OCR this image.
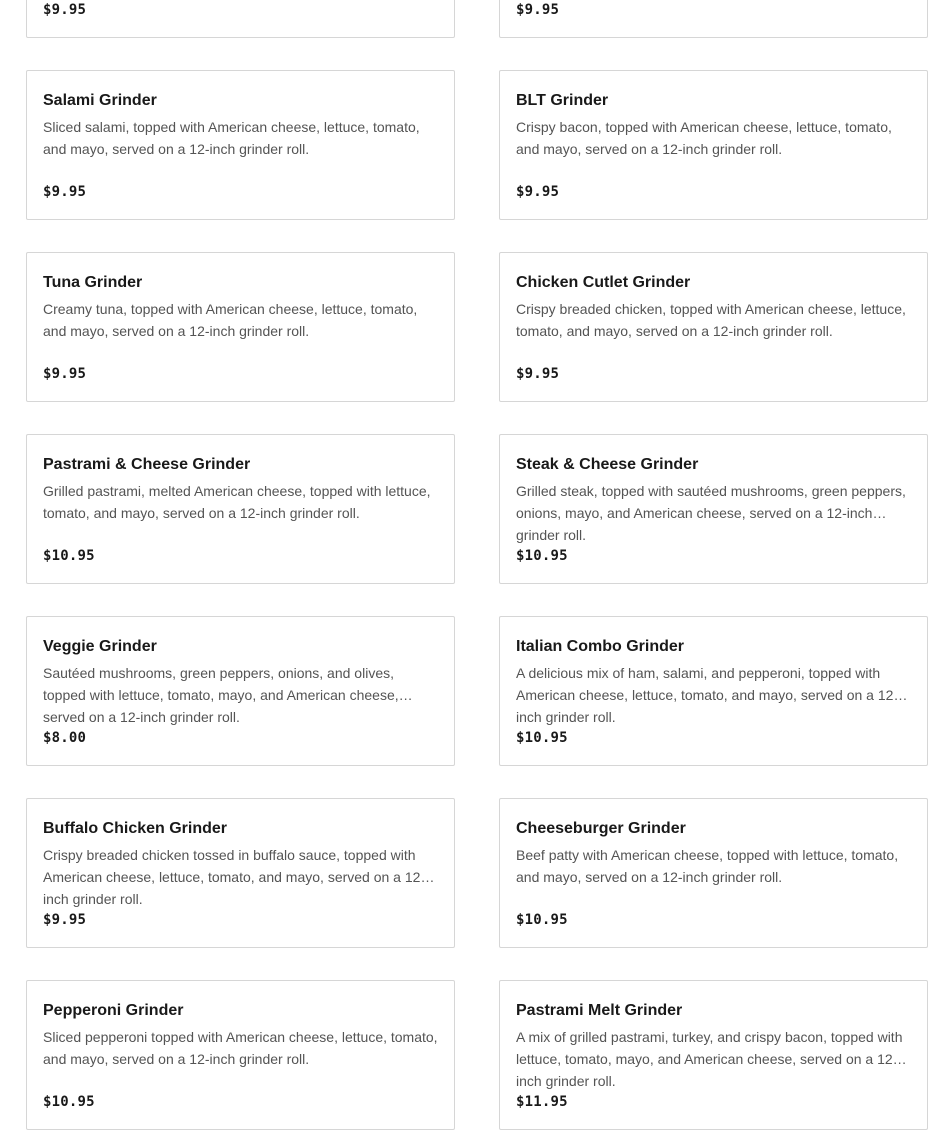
$9.95	$9.95
Salami Grinder
Sliced salami, topped with American cheese, lettuce, tomato, and mayo, served on a 12-inch grinder roll.
$9.95
BLT Grinder
Crispy bacon, topped with American cheese, lettuce, tomato, and mayo, served on a 12-inch grinder roll.
$9.95
Tuna Grinder
Creamy tuna, topped with American cheese, lettuce, tomato, and mayo, served on a 12-inch grinder roll.
$9.95
Chicken Cutlet Grinder
Crispy breaded chicken, topped with American cheese, lettuce, tomato, and mayo, served on a 12-inch grinder roll.
$9.95
Pastrami & Cheese Grinder
Grilled pastrami, melted American cheese, topped with lettuce, tomato, and mayo, served on a 12-inch grinder roll.
$10.95
Steak & Cheese Grinder
Grilled steak, topped with sautéed mushrooms, green peppers, onions, mayo, and American cheese, served on a 12-inch grinder roll.
$10.95
Veggie Grinder
Sautéed mushrooms, green peppers, onions, and olives, topped with lettuce, tomato, mayo, and American cheese, served on a 12-inch grinder roll.
$8.00
Italian Combo Grinder
A delicious mix of ham, salami, and pepperoni, topped with American cheese, lettuce, tomato, and mayo, served on a 12-inch grinder roll.
$10.95
Buffalo Chicken Grinder
Crispy breaded chicken tossed in buffalo sauce, topped with American cheese, lettuce, tomato, and mayo, served on a 12-inch grinder roll.
$9.95
Cheeseburger Grinder
Beef patty with American cheese, topped with lettuce, tomato, and mayo, served on a 12-inch grinder roll.
$10.95
Pepperoni Grinder
Sliced pepperoni topped with American cheese, lettuce, tomato, and mayo, served on a 12-inch grinder roll.
$10.95
Pastrami Melt Grinder
A mix of grilled pastrami, turkey, and crispy bacon, topped with lettuce, tomato, mayo, and American cheese, served on a 12-inch grinder roll.
$11.95
